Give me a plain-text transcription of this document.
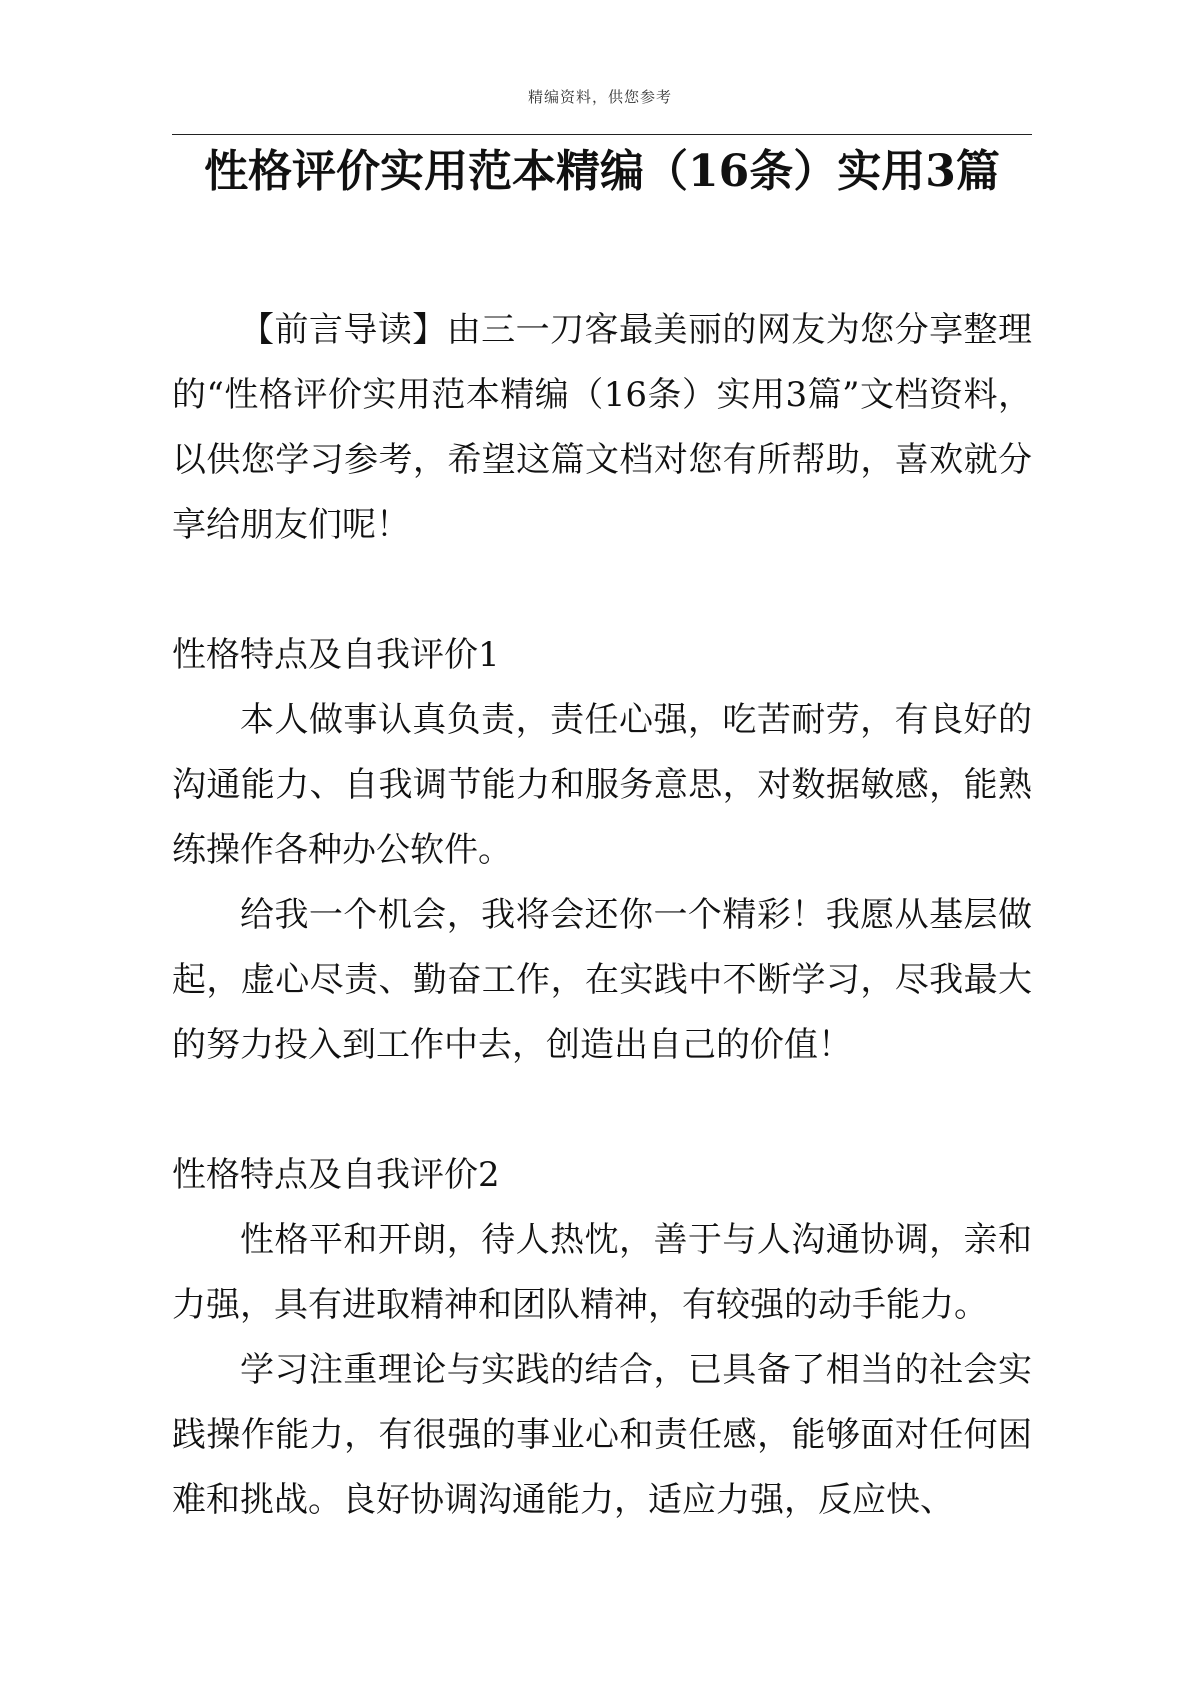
精编资料，供您参考
性格评价实用范本精编（16条）实用3篇

【前言导读】由三一刀客最美丽的网友为您分享整理的“性格评价实用范本精编（16条）实用3篇”文档资料，以供您学习参考，希望这篇文档对您有所帮助，喜欢就分享给朋友们呢！

性格特点及自我评价1

本人做事认真负责，责任心强，吃苦耐劳，有良好的沟通能力、自我调节能力和服务意思，对数据敏感，能熟练操作各种办公软件。

给我一个机会，我将会还你一个精彩！我愿从基层做起，虚心尽责、勤奋工作，在实践中不断学习，尽我最大的努力投入到工作中去，创造出自己的价值！

性格特点及自我评价2

性格平和开朗，待人热忱，善于与人沟通协调，亲和力强，具有进取精神和团队精神，有较强的动手能力。

学习注重理论与实践的结合，已具备了相当的社会实践操作能力，有很强的事业心和责任感，能够面对任何困难和挑战。良好协调沟通能力，适应力强，反应快、
